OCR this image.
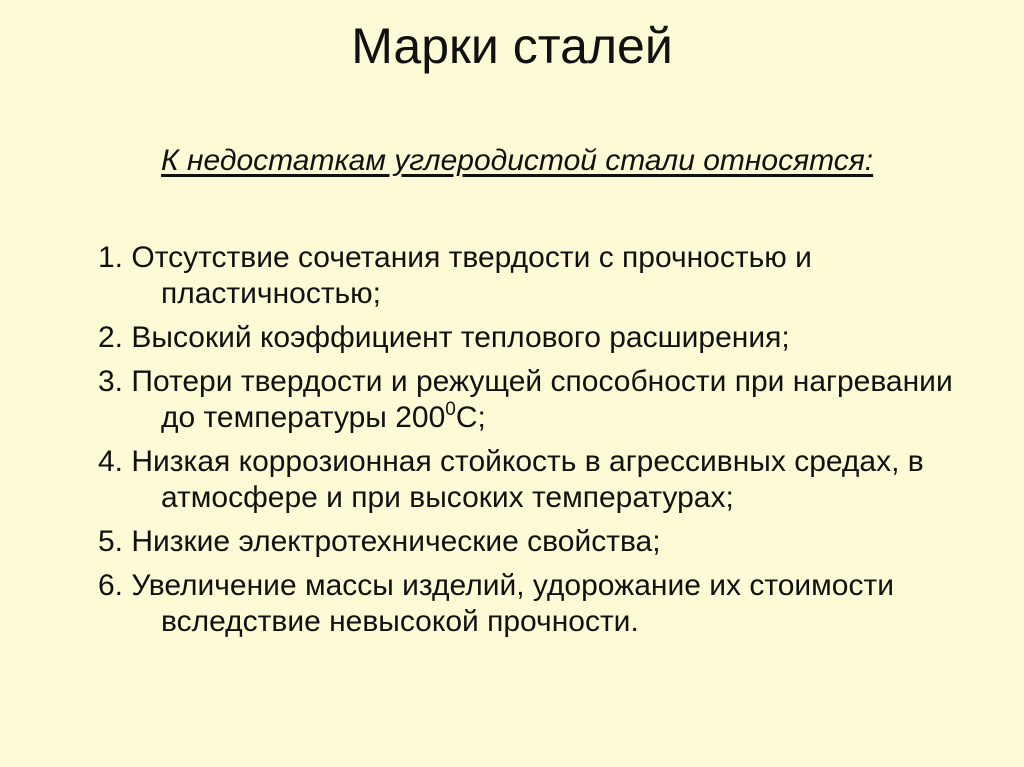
Марки сталей

К недостаткам углеродистой стали относятся:

1. Отсутствие сочетания твердости с прочностью и пластичностью;
2. Высокий коэффициент теплового расширения;
3. Потери твердости и режущей способности при нагревании до температуры $200^0С$;
4. Низкая коррозионная стойкость в агрессивных средах, в атмосфере и при высоких температурах;
5. Низкие электротехнические свойства;
6. Увеличение массы изделий, удорожание их стоимости вследствие невысокой прочности.
